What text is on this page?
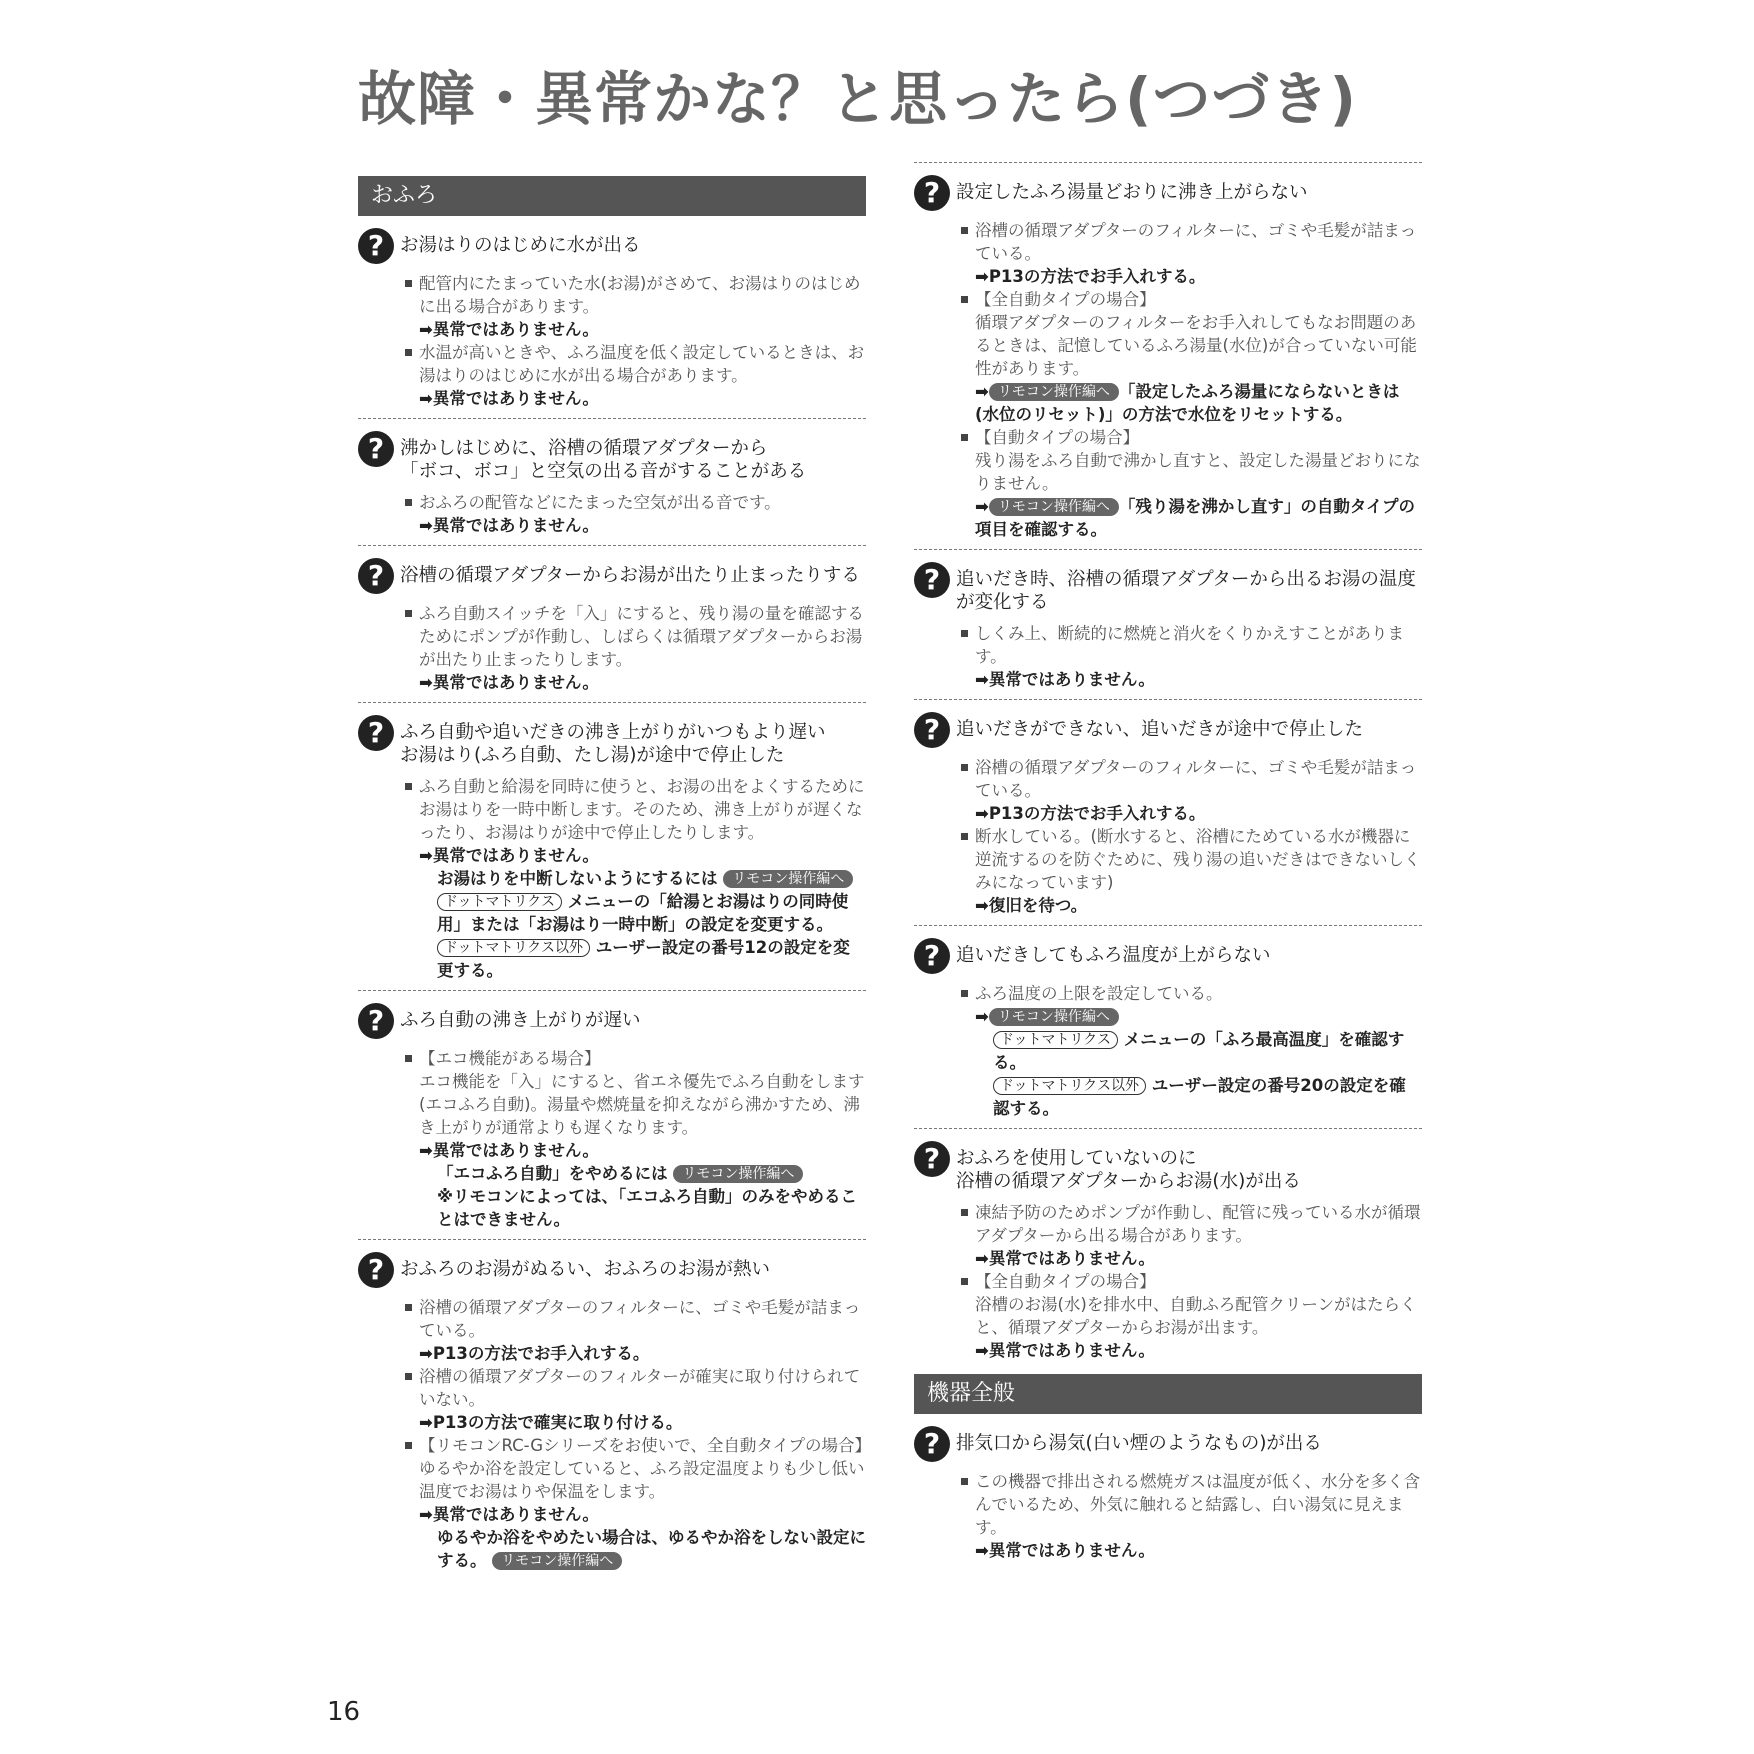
故障・異常かな？と思ったら(つづき)
おふろ
? お湯はりのはじめに水が出る
配管内にたまっていた水(お湯)がさめて、お湯はりのはじめに出る場合があります。
➡異常ではありません。
水温が高いときや、ふろ温度を低く設定しているときは、お湯はりのはじめに水が出る場合があります。
➡異常ではありません。
? 沸かしはじめに、浴槽の循環アダプターから
「ボコ、ボコ」と空気の出る音がすることがある
おふろの配管などにたまった空気が出る音です。
➡異常ではありません。
? 浴槽の循環アダプターからお湯が出たり止まったりする
ふろ自動スイッチを「入」にすると、残り湯の量を確認するためにポンプが作動し、しばらくは循環アダプターからお湯が出たり止まったりします。
➡異常ではありません。
? ふろ自動や追いだきの沸き上がりがいつもより遅い
お湯はり(ふろ自動、たし湯)が途中で停止した
ふろ自動と給湯を同時に使うと、お湯の出をよくするためにお湯はりを一時中断します。そのため、沸き上がりが遅くなったり、お湯はりが途中で停止したりします。
➡異常ではありません。
お湯はりを中断しないようにするには リモコン操作編へ
ドットマトリクス メニューの「給湯とお湯はりの同時使用」または「お湯はり一時中断」の設定を変更する。
ドットマトリクス以外 ユーザー設定の番号12の設定を変更する。
? ふろ自動の沸き上がりが遅い
【エコ機能がある場合】
エコ機能を「入」にすると、省エネ優先でふろ自動をします(エコふろ自動)。湯量や燃焼量を抑えながら沸かすため、沸き上がりが通常よりも遅くなります。
➡異常ではありません。
「エコふろ自動」をやめるには リモコン操作編へ
※リモコンによっては、「エコふろ自動」のみをやめることはできません。
? おふろのお湯がぬるい、おふろのお湯が熱い
浴槽の循環アダプターのフィルターに、ゴミや毛髪が詰まっている。
➡P13の方法でお手入れする。
浴槽の循環アダプターのフィルターが確実に取り付けられていない。
➡P13の方法で確実に取り付ける。
【リモコンRC-Gシリーズをお使いで、全自動タイプの場合】
ゆるやか浴を設定していると、ふろ設定温度よりも少し低い温度でお湯はりや保温をします。
➡異常ではありません。
ゆるやか浴をやめたい場合は、ゆるやか浴をしない設定にする。 リモコン操作編へ
? 設定したふろ湯量どおりに沸き上がらない
浴槽の循環アダプターのフィルターに、ゴミや毛髪が詰まっている。
➡P13の方法でお手入れする。
【全自動タイプの場合】
循環アダプターのフィルターをお手入れしてもなお問題のあるときは、記憶しているふろ湯量(水位)が合っていない可能性があります。
➡ リモコン操作編へ 「設定したふろ湯量にならないときは(水位のリセット)」の方法で水位をリセットする。
【自動タイプの場合】
残り湯をふろ自動で沸かし直すと、設定した湯量どおりになりません。
➡ リモコン操作編へ 「残り湯を沸かし直す」の自動タイプの項目を確認する。
? 追いだき時、浴槽の循環アダプターから出るお湯の温度が変化する
しくみ上、断続的に燃焼と消火をくりかえすことがあります。
➡異常ではありません。
? 追いだきができない、追いだきが途中で停止した
浴槽の循環アダプターのフィルターに、ゴミや毛髪が詰まっている。
➡P13の方法でお手入れする。
断水している。(断水すると、浴槽にためている水が機器に逆流するのを防ぐために、残り湯の追いだきはできないしくみになっています)
➡復旧を待つ。
? 追いだきしてもふろ温度が上がらない
ふろ温度の上限を設定している。
➡ リモコン操作編へ
ドットマトリクス メニューの「ふろ最高温度」を確認する。
ドットマトリクス以外 ユーザー設定の番号20の設定を確認する。
? おふろを使用していないのに
浴槽の循環アダプターからお湯(水)が出る
凍結予防のためポンプが作動し、配管に残っている水が循環アダプターから出る場合があります。
➡異常ではありません。
【全自動タイプの場合】
浴槽のお湯(水)を排水中、自動ふろ配管クリーンがはたらくと、循環アダプターからお湯が出ます。
➡異常ではありません。
機器全般
? 排気口から湯気(白い煙のようなもの)が出る
この機器で排出される燃焼ガスは温度が低く、水分を多く含んでいるため、外気に触れると結露し、白い湯気に見えます。
➡異常ではありません。
16
